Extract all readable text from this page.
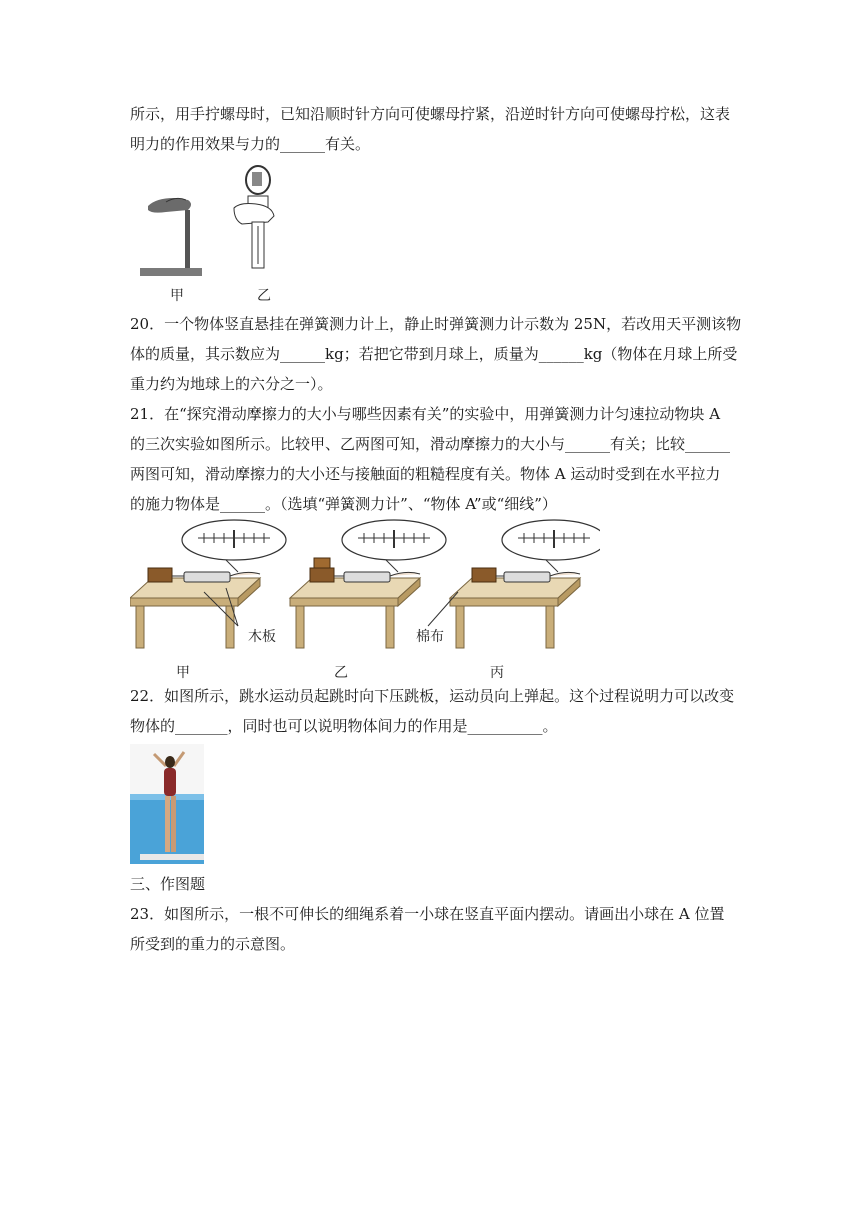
所示，用手拧螺母时，已知沿顺时针方向可使螺母拧紧，沿逆时针方向可使螺母拧松，这表
明力的作用效果与力的______有关。
甲	乙
20．一个物体竖直悬挂在弹簧测力计上，静止时弹簧测力计示数为 25N，若改用天平测该物
体的质量，其示数应为______kg；若把它带到月球上，质量为______kg（物体在月球上所受
重力约为地球上的六分之一）。
21．在“探究滑动摩擦力的大小与哪些因素有关”的实验中，用弹簧测力计匀速拉动物块 A
的三次实验如图所示。比较甲、乙两图可知，滑动摩擦力的大小与______有关；比较______
两图可知，滑动摩擦力的大小还与接触面的粗糙程度有关。物体 A 运动时受到在水平拉力
的施力物体是______。（选填“弹簧测力计”、“物体 A”或“细线”）
木板	棉布
甲	乙	丙
22．如图所示，跳水运动员起跳时向下压跳板，运动员向上弹起。这个过程说明力可以改变
物体的_______，同时也可以说明物体间力的作用是__________。
三、作图题
23．如图所示，一根不可伸长的细绳系着一小球在竖直平面内摆动。请画出小球在 A 位置
所受到的重力的示意图。
